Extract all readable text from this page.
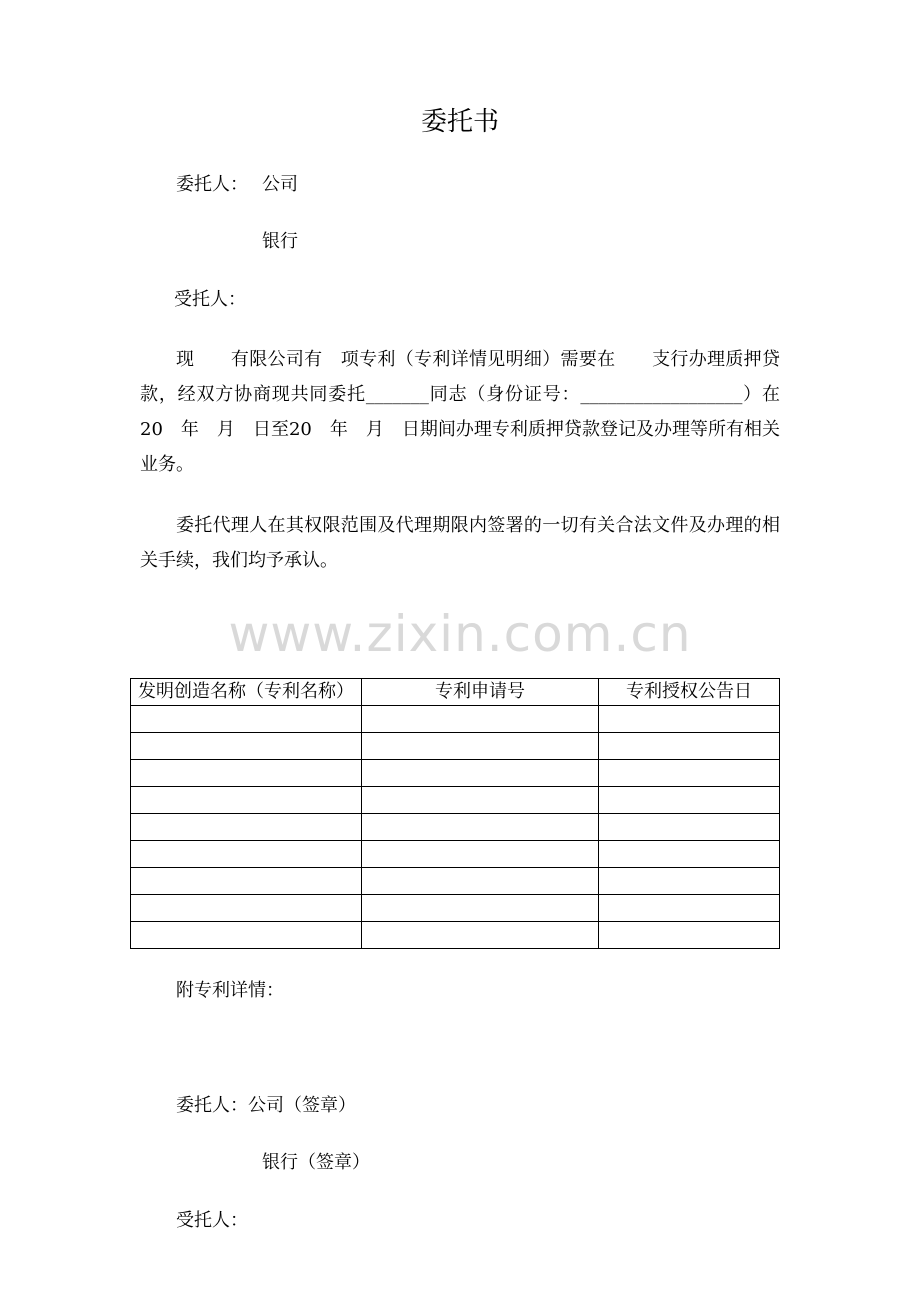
委托书
委托人： 公司
银行
受托人：

现　　有限公司有　项专利（专利详情见明细）需要在　　支行办理质押贷款，经双方协商现共同委托_______同志（身份证号：__________________）在20　年　月　日至20　年　月　日期间办理专利质押贷款登记及办理等所有相关业务。

委托代理人在其权限范围及代理期限内签署的一切有关合法文件及办理的相关手续，我们均予承认。

www.zixin.com.cn
发明创造名称（专利名称）	专利申请号	专利授权公告日

附专利详情：
委托人：公司（签章）
银行（签章）
受托人：
